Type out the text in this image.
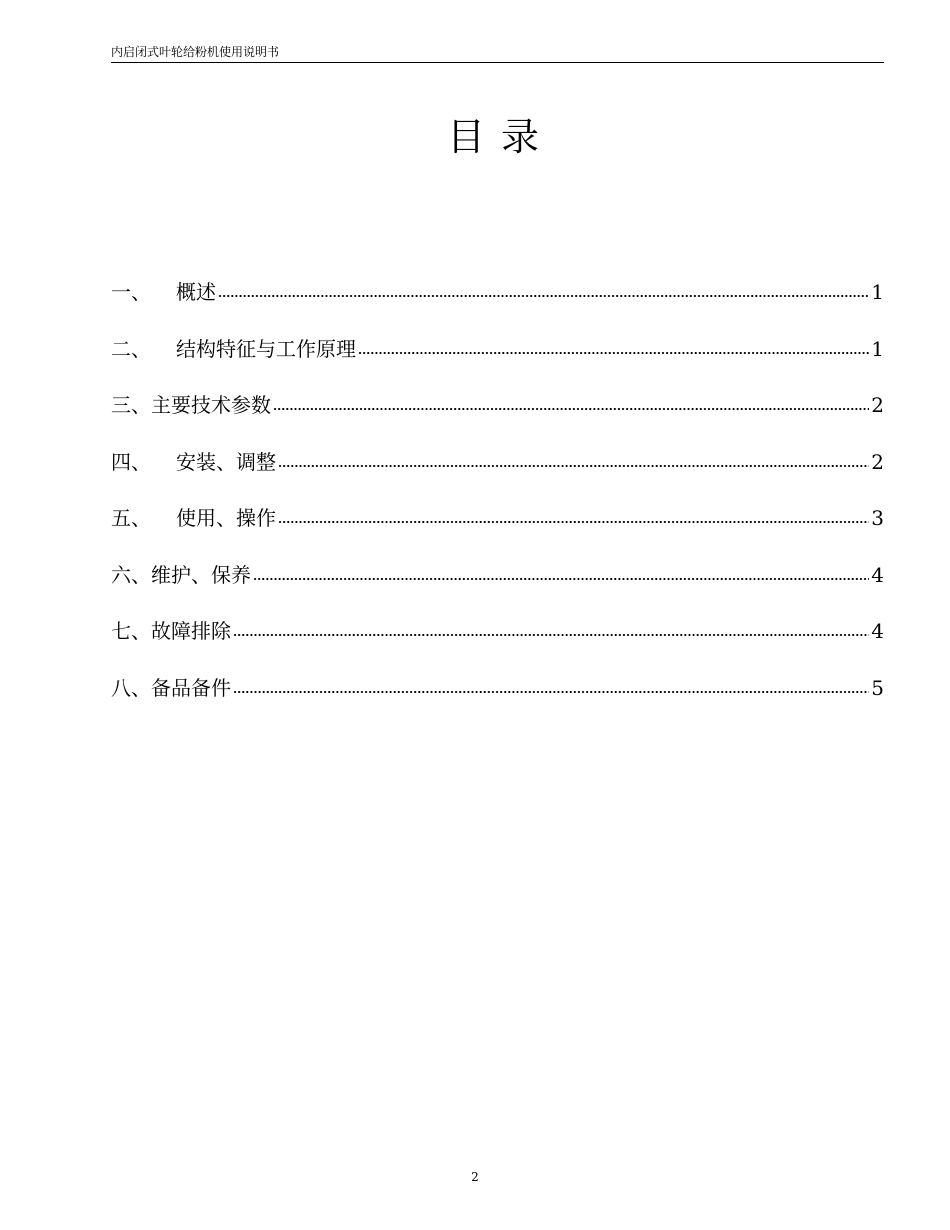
内启闭式叶轮给粉机使用说明书
目录
一、	概述	1
二、	结构特征与工作原理	1
三、 主要技术参数	2
四、	安装、调整	2
五、	使用、操作	3
六、 维护、保养	4
七、 故障排除	4
八、 备品备件	5
2
